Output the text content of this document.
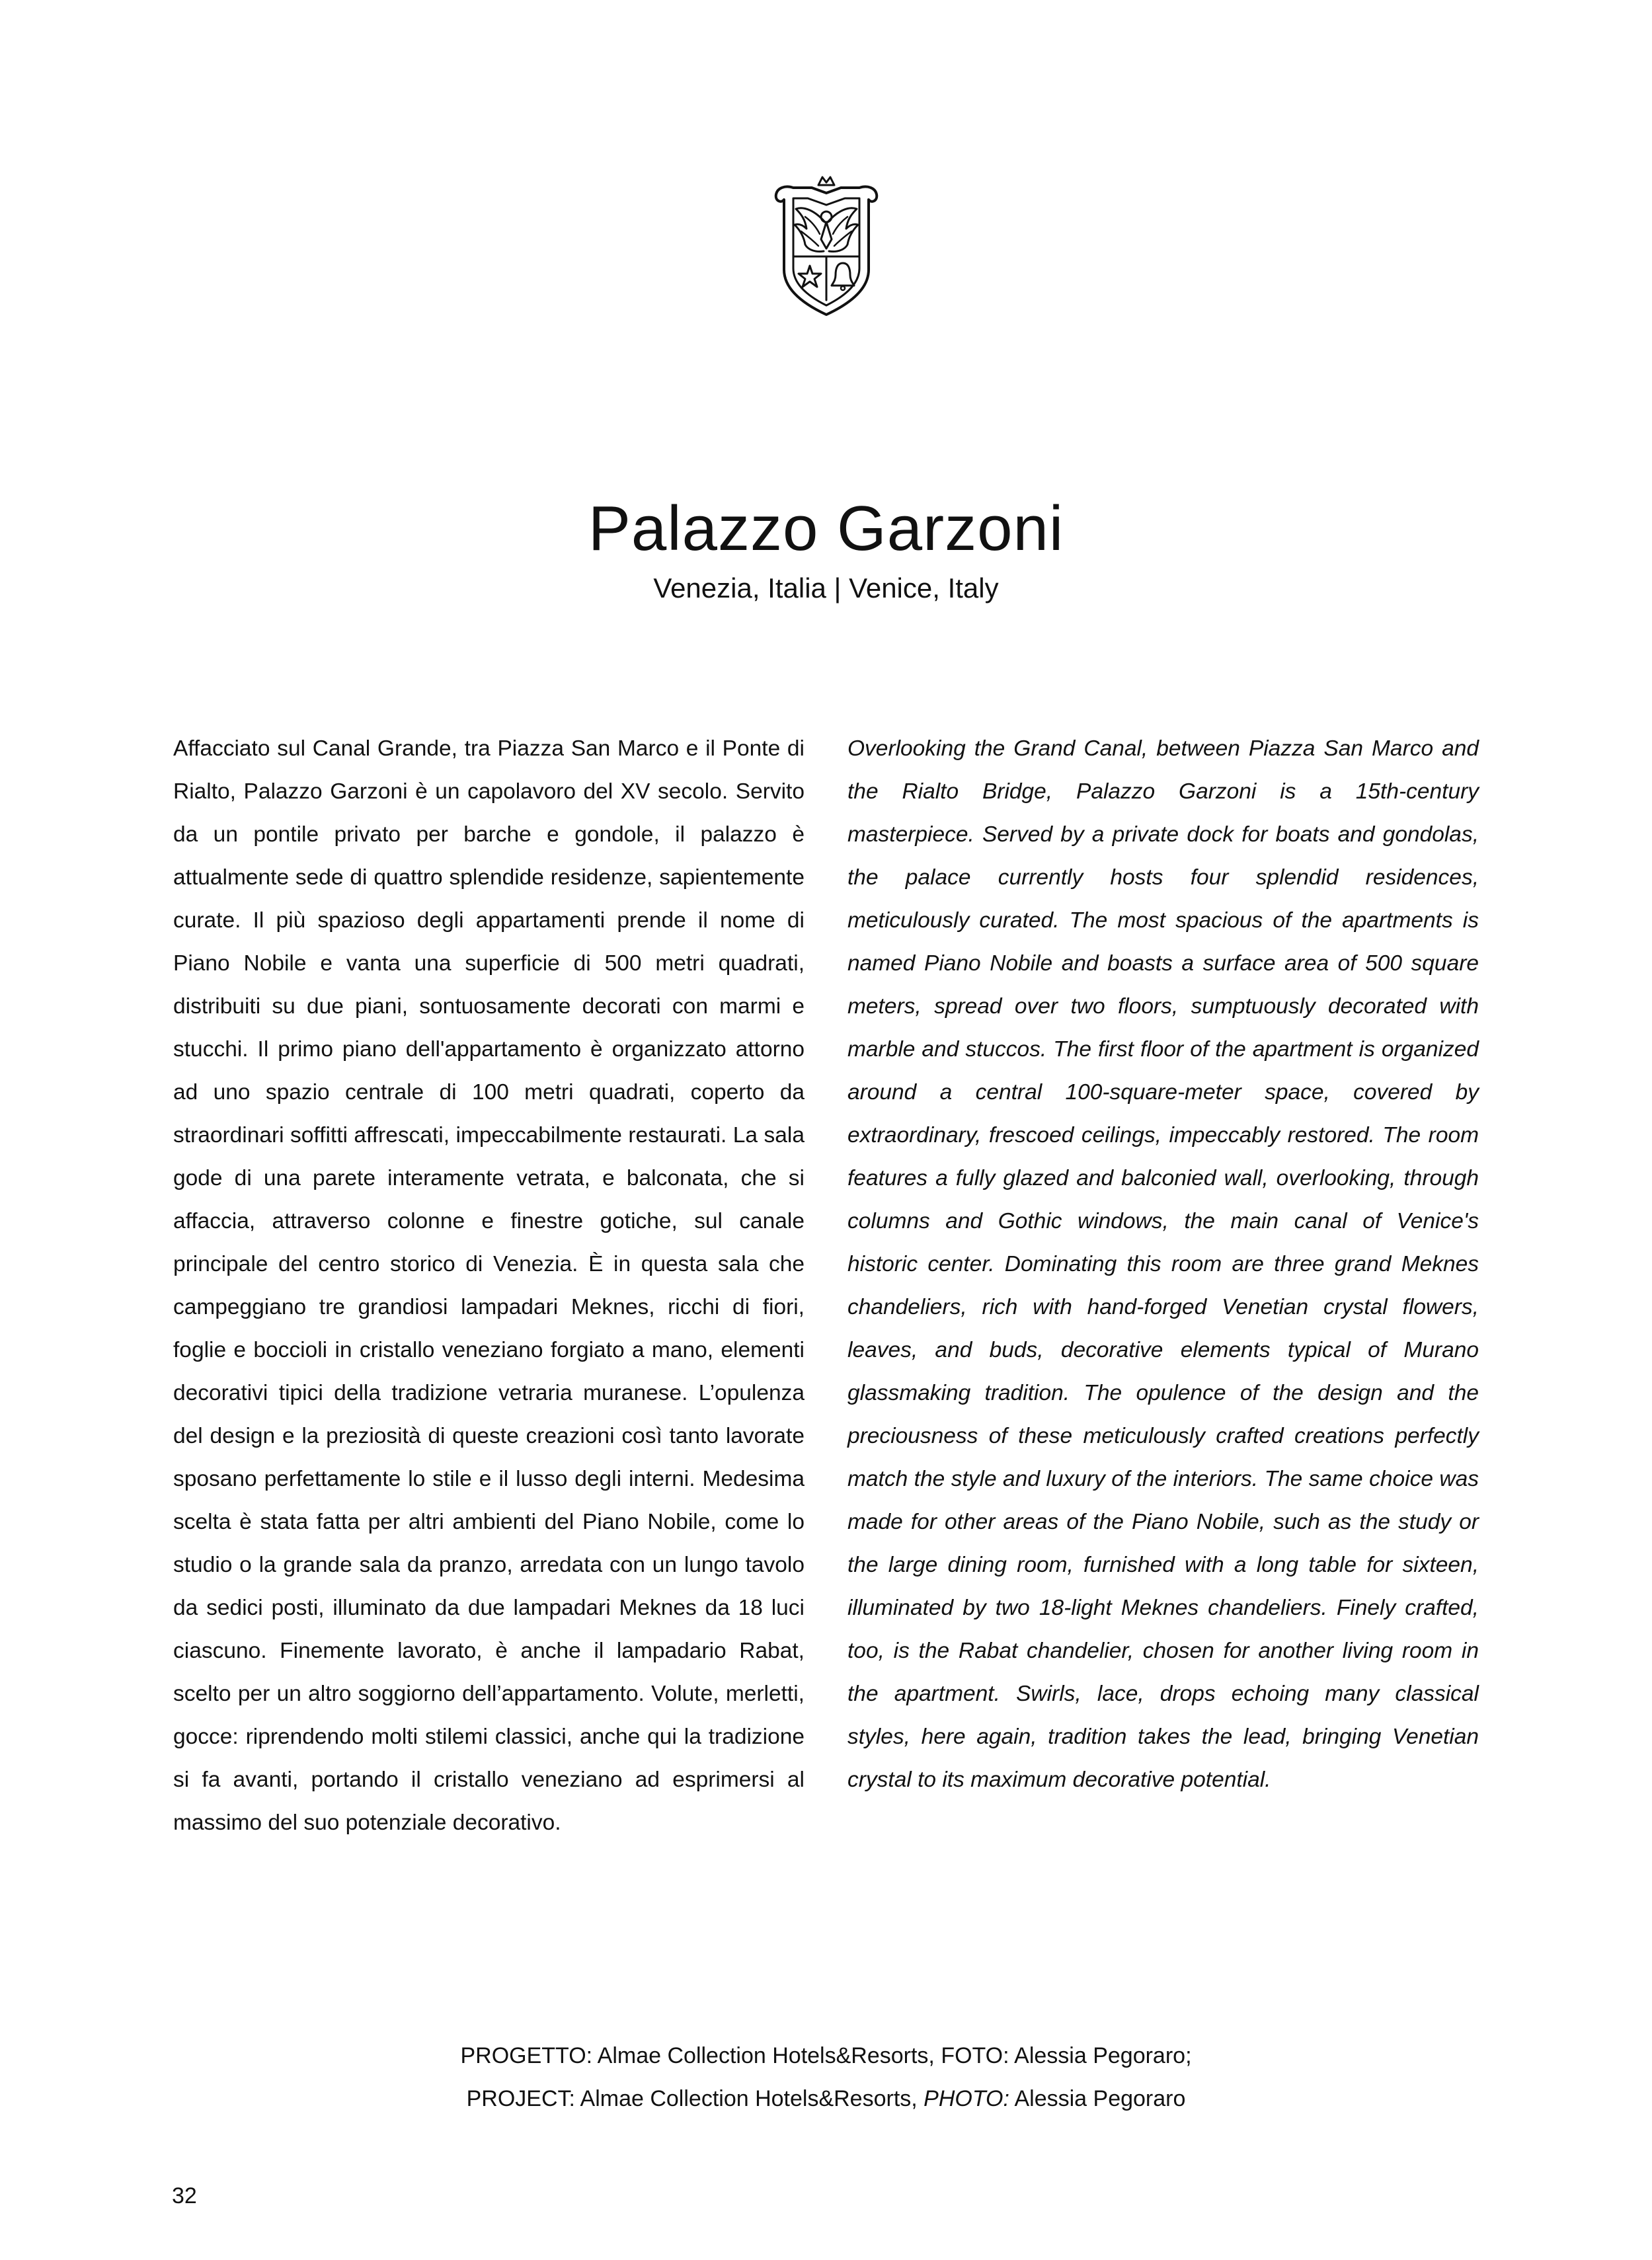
Palazzo Garzoni
Venezia, Italia | Venice, Italy

Affacciato sul Canal Grande, tra Piazza San Marco e il Ponte di Rialto, Palazzo Garzoni è un capolavoro del XV secolo. Servito da un pontile privato per barche e gondole, il palazzo è attualmente sede di quattro splendide residenze, sapientemente curate. Il più spazioso degli appartamenti prende il nome di Piano Nobile e vanta una superficie di 500 metri quadrati, distribuiti su due piani, sontuosamente decorati con marmi e stucchi. Il primo piano dell'appartamento è organizzato attorno ad uno spazio centrale di 100 metri quadrati, coperto da straordinari soffitti affrescati, impeccabilmente restaurati. La sala gode di una parete interamente vetrata, e balconata, che si affaccia, attraverso colonne e finestre gotiche, sul canale principale del centro storico di Venezia. È in questa sala che campeggiano tre grandiosi lampadari Meknes, ricchi di fiori, foglie e boccioli in cristallo veneziano forgiato a mano, elementi decorativi tipici della tradizione vetraria muranese. L’opulenza del design e la preziosità di queste creazioni così tanto lavorate sposano perfettamente lo stile e il lusso degli interni. Medesima scelta è stata fatta per altri ambienti del Piano Nobile, come lo studio o la grande sala da pranzo, arredata con un lungo tavolo da sedici posti, illuminato da due lampadari Meknes da 18 luci ciascuno. Finemente lavorato, è anche il lampadario Rabat, scelto per un altro soggiorno dell’appartamento. Volute, merletti, gocce: riprendendo molti stilemi classici, anche qui la tradizione si fa avanti, portando il cristallo veneziano ad esprimersi al massimo del suo potenziale decorativo.

Overlooking the Grand Canal, between Piazza San Marco and the Rialto Bridge, Palazzo Garzoni is a 15th-century masterpiece. Served by a private dock for boats and gondolas, the palace currently hosts four splendid residences, meticulously curated. The most spacious of the apartments is named Piano Nobile and boasts a surface area of 500 square meters, spread over two floors, sumptuously decorated with marble and stuccos. The first floor of the apartment is organized around a central 100-square-meter space, covered by extraordinary, frescoed ceilings, impeccably restored. The room features a fully glazed and balconied wall, overlooking, through columns and Gothic windows, the main canal of Venice's historic center. Dominating this room are three grand Meknes chandeliers, rich with hand-forged Venetian crystal flowers, leaves, and buds, decorative elements typical of Murano glassmaking tradition. The opulence of the design and the preciousness of these meticulously crafted creations perfectly match the style and luxury of the interiors. The same choice was made for other areas of the Piano Nobile, such as the study or the large dining room, furnished with a long table for sixteen, illuminated by two 18-light Meknes chandeliers. Finely crafted, too, is the Rabat chandelier, chosen for another living room in the apartment. Swirls, lace, drops echoing many classical styles, here again, tradition takes the lead, bringing Venetian crystal to its maximum decorative potential.

PROGETTO: Almae Collection Hotels&Resorts, FOTO: Alessia Pegoraro;
PROJECT: Almae Collection Hotels&Resorts, PHOTO: Alessia Pegoraro
32
